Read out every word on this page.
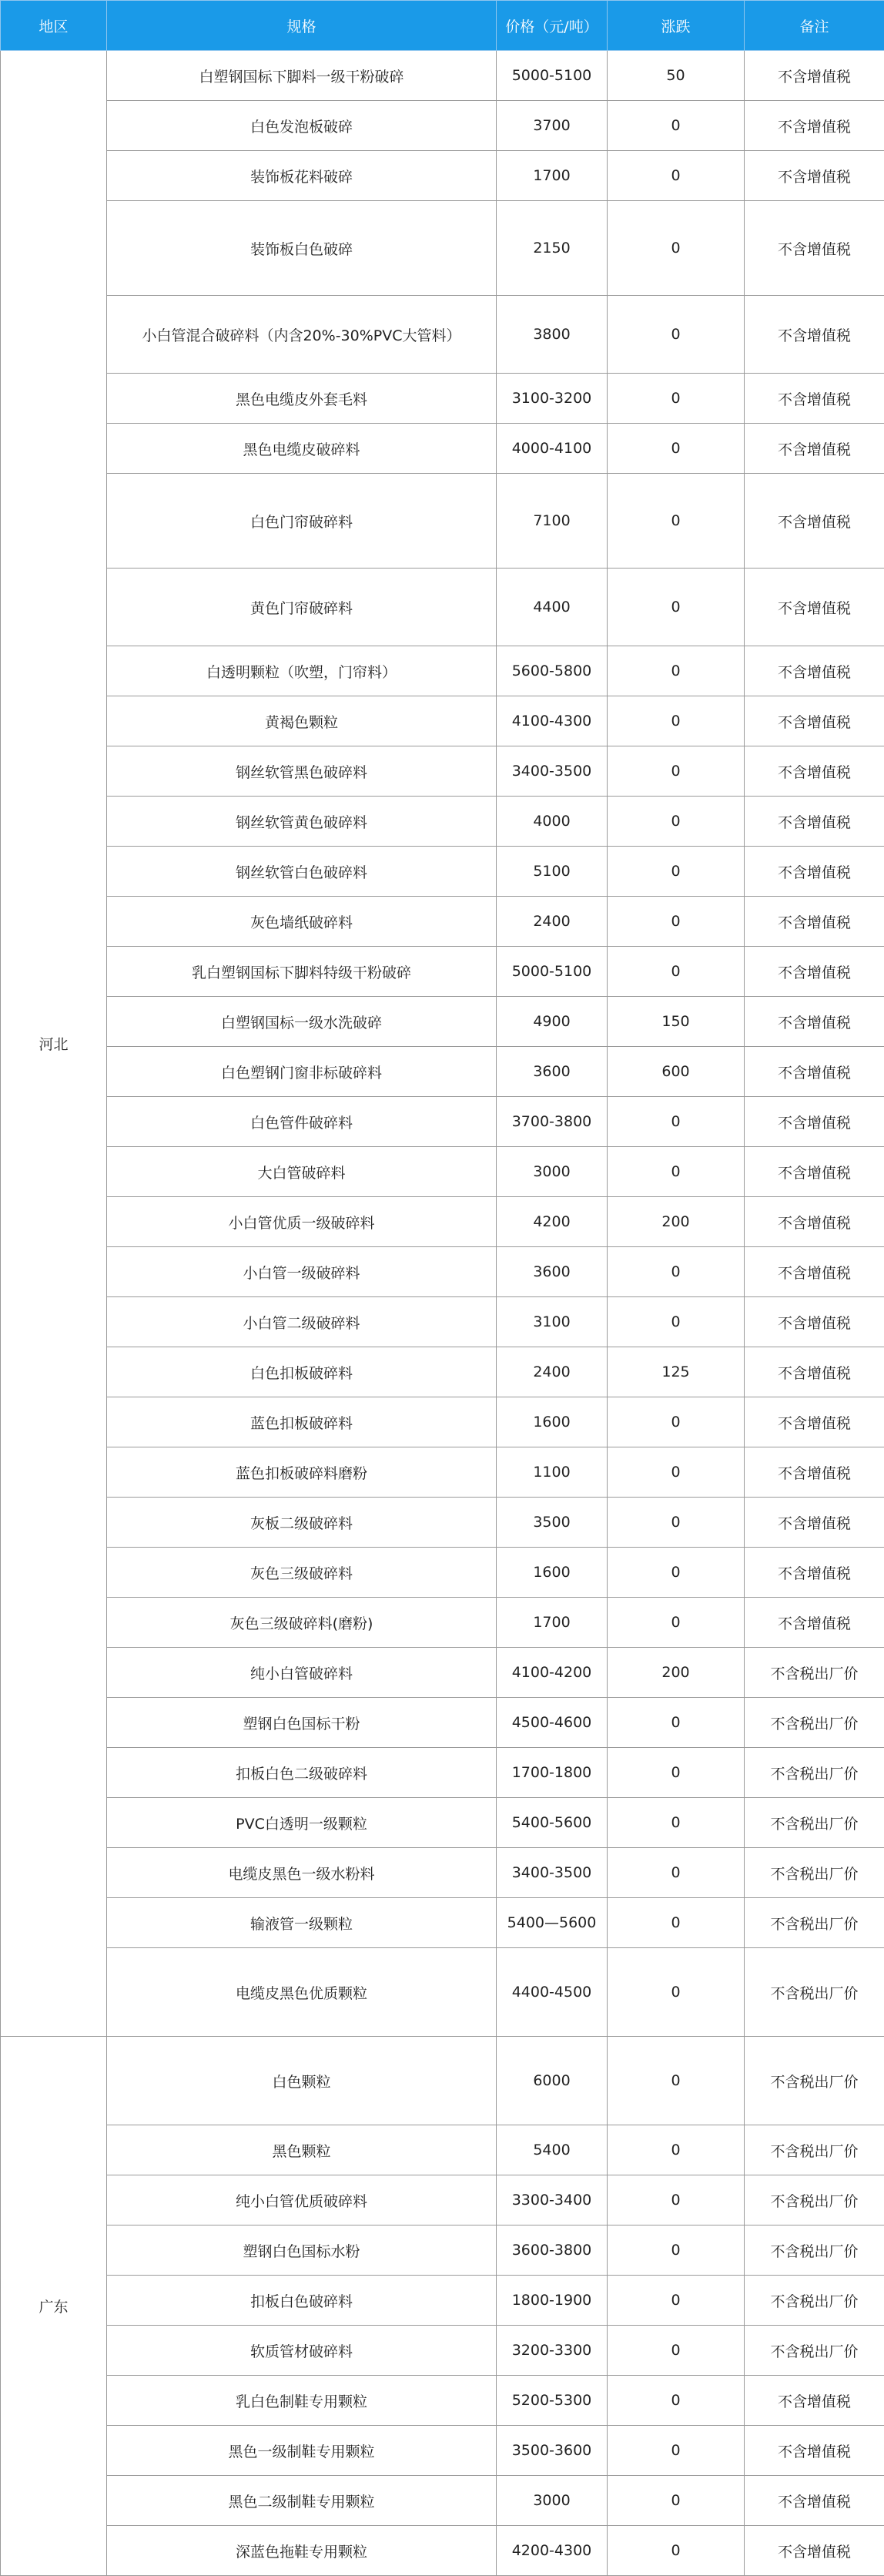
地区	规格	价格（元/吨）	涨跌	备注
河北	白塑钢国标下脚料一级干粉破碎	5000-5100	50	不含增值税
	白色发泡板破碎	3700	0	不含增值税
	装饰板花料破碎	1700	0	不含增值税
	装饰板白色破碎	2150	0	不含增值税
	小白管混合破碎料（内含20%-30%PVC大管料）	3800	0	不含增值税
	黑色电缆皮外套毛料	3100-3200	0	不含增值税
	黑色电缆皮破碎料	4000-4100	0	不含增值税
	白色门帘破碎料	7100	0	不含增值税
	黄色门帘破碎料	4400	0	不含增值税
	白透明颗粒（吹塑，门帘料）	5600-5800	0	不含增值税
	黄褐色颗粒	4100-4300	0	不含增值税
	钢丝软管黑色破碎料	3400-3500	0	不含增值税
	钢丝软管黄色破碎料	4000	0	不含增值税
	钢丝软管白色破碎料	5100	0	不含增值税
	灰色墙纸破碎料	2400	0	不含增值税
	乳白塑钢国标下脚料特级干粉破碎	5000-5100	0	不含增值税
	白塑钢国标一级水洗破碎	4900	150	不含增值税
	白色塑钢门窗非标破碎料	3600	600	不含增值税
	白色管件破碎料	3700-3800	0	不含增值税
	大白管破碎料	3000	0	不含增值税
	小白管优质一级破碎料	4200	200	不含增值税
	小白管一级破碎料	3600	0	不含增值税
	小白管二级破碎料	3100	0	不含增值税
	白色扣板破碎料	2400	125	不含增值税
	蓝色扣板破碎料	1600	0	不含增值税
	蓝色扣板破碎料磨粉	1100	0	不含增值税
	灰板二级破碎料	3500	0	不含增值税
	灰色三级破碎料	1600	0	不含增值税
	灰色三级破碎料(磨粉)	1700	0	不含增值税
	纯小白管破碎料	4100-4200	200	不含税出厂价
	塑钢白色国标干粉	4500-4600	0	不含税出厂价
	扣板白色二级破碎料	1700-1800	0	不含税出厂价
	PVC白透明一级颗粒	5400-5600	0	不含税出厂价
	电缆皮黑色一级水粉料	3400-3500	0	不含税出厂价
	输液管一级颗粒	5400—5600	0	不含税出厂价
	电缆皮黑色优质颗粒	4400-4500	0	不含税出厂价
广东	白色颗粒	6000	0	不含税出厂价
	黑色颗粒	5400	0	不含税出厂价
	纯小白管优质破碎料	3300-3400	0	不含税出厂价
	塑钢白色国标水粉	3600-3800	0	不含税出厂价
	扣板白色破碎料	1800-1900	0	不含税出厂价
	软质管材破碎料	3200-3300	0	不含税出厂价
	乳白色制鞋专用颗粒	5200-5300	0	不含增值税
	黑色一级制鞋专用颗粒	3500-3600	0	不含增值税
	黑色二级制鞋专用颗粒	3000	0	不含增值税
	深蓝色拖鞋专用颗粒	4200-4300	0	不含增值税
